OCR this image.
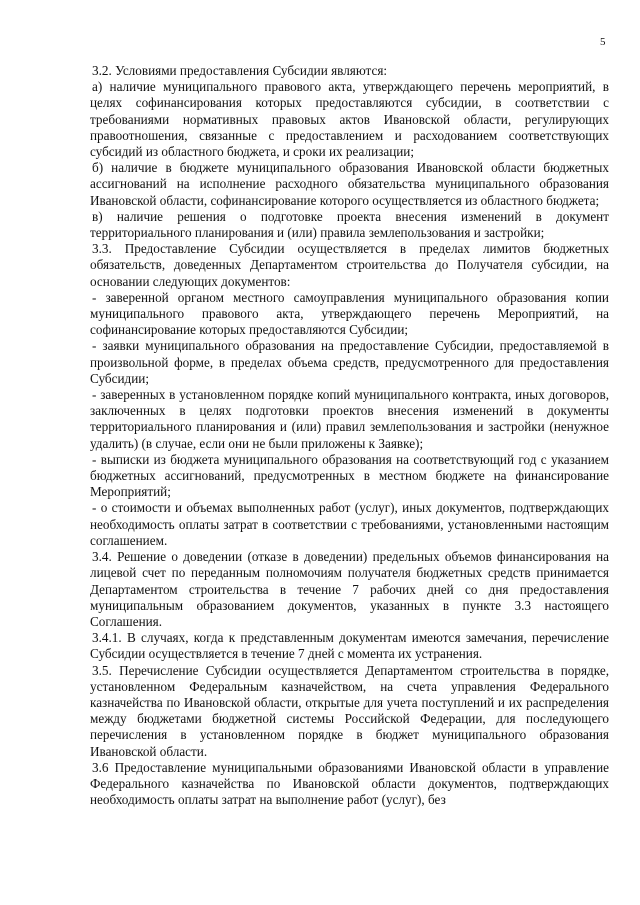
5

3.2. Условиями предоставления Субсидии являются:

а) наличие муниципального правового акта, утверждающего перечень мероприятий, в целях софинансирования которых предоставляются субсидии, в соответствии с требованиями нормативных правовых актов Ивановской области, регулирующих правоотношения, связанные с предоставлением и расходованием соответствующих субсидий из областного бюджета, и сроки их реализации;

б) наличие в бюджете муниципального образования Ивановской области бюджетных ассигнований на исполнение расходного обязательства муниципального образования Ивановской области, софинансирование которого осуществляется из областного бюджета;

в) наличие решения о подготовке проекта внесения изменений в документ территориального планирования и (или) правила землепользования и застройки;

3.3. Предоставление Субсидии осуществляется в пределах лимитов бюджетных обязательств, доведенных Департаментом строительства до Получателя субсидии, на основании следующих документов:

- заверенной органом местного самоуправления муниципального образования копии муниципального правового акта, утверждающего перечень Мероприятий, на софинансирование которых предоставляются Субсидии;

- заявки муниципального образования на предоставление Субсидии, предоставляемой в произвольной форме, в пределах объема средств, предусмотренного для предоставления Субсидии;

- заверенных в установленном порядке копий муниципального контракта, иных договоров, заключенных в целях подготовки проектов внесения изменений в документы территориального планирования и (или) правил землепользования и застройки (ненужное удалить) (в случае, если они не были приложены к Заявке);

- выписки из бюджета муниципального образования на соответствующий год с указанием бюджетных ассигнований, предусмотренных в местном бюджете на финансирование Мероприятий;

- о стоимости и объемах выполненных работ (услуг), иных документов, подтверждающих необходимость оплаты затрат в соответствии с требованиями, установленными настоящим соглашением.

3.4. Решение о доведении (отказе в доведении) предельных объемов финансирования на лицевой счет по переданным полномочиям получателя бюджетных средств принимается Департаментом строительства в течение 7 рабочих дней со дня предоставления муниципальным образованием документов, указанных в пункте 3.3 настоящего Соглашения.

3.4.1. В случаях, когда к представленным документам имеются замечания, перечисление Субсидии осуществляется в течение 7 дней с момента их устранения.

3.5. Перечисление Субсидии осуществляется Департаментом строительства в порядке, установленном Федеральным казначейством, на счета управления Федерального казначейства по Ивановской области, открытые для учета поступлений и их распределения между бюджетами бюджетной системы Российской Федерации, для последующего перечисления в установленном порядке в бюджет муниципального образования Ивановской области.

3.6 Предоставление муниципальными образованиями Ивановской области в управление Федерального казначейства по Ивановской области документов, подтверждающих необходимость оплаты затрат на выполнение работ (услуг), без
